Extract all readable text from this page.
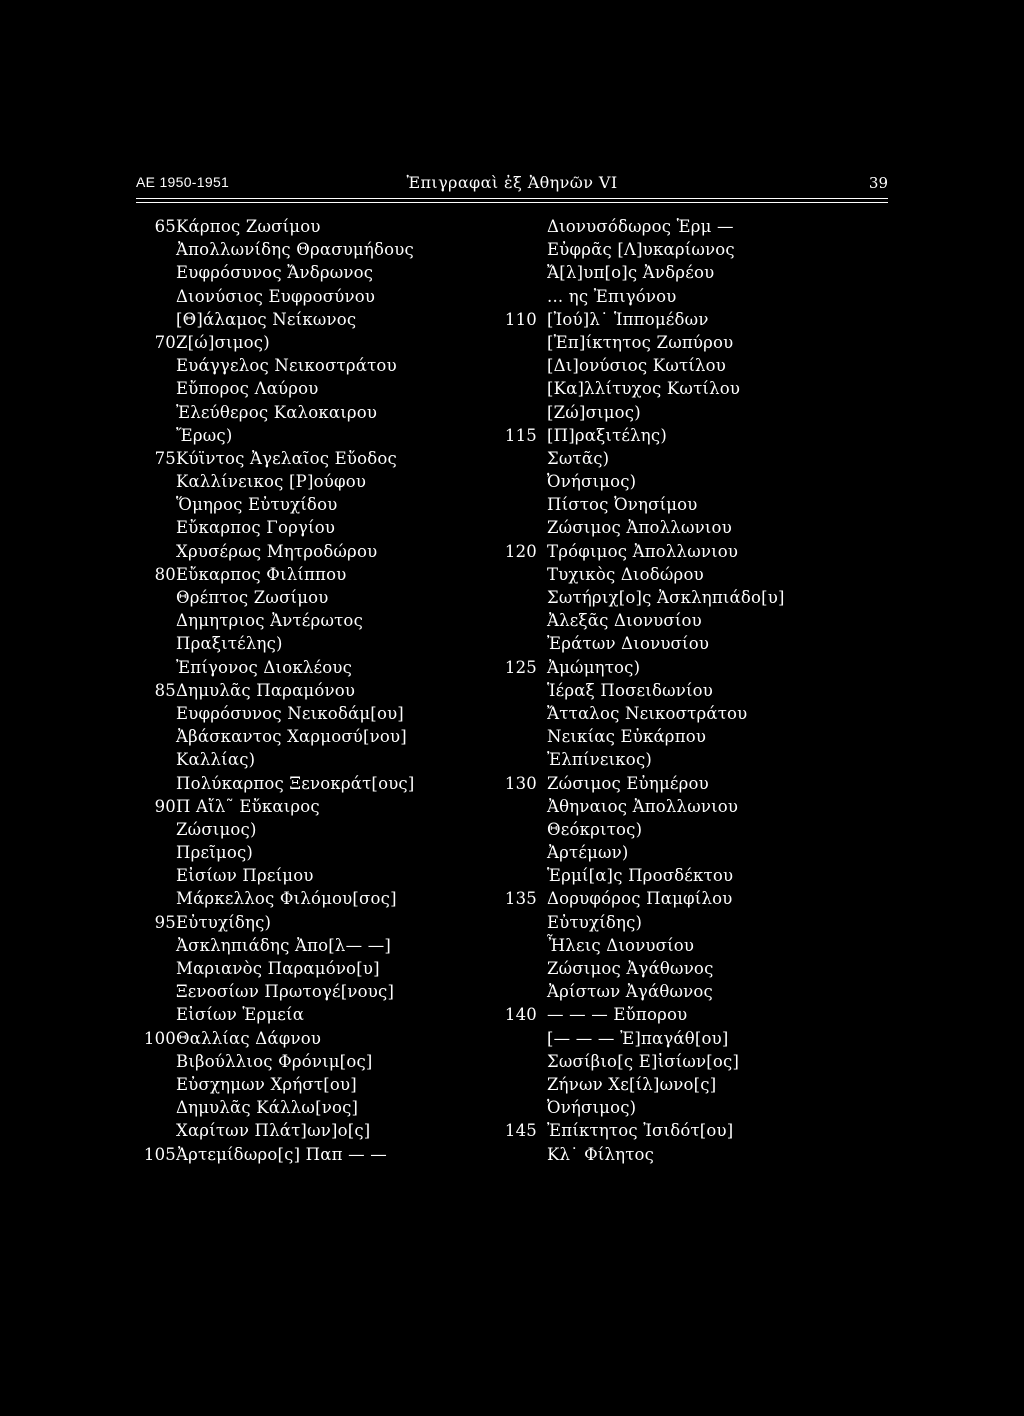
ΑΕ 1950-1951	Ἐπιγραφαὶ ἐξ Ἀθηνῶν VI	39
65 Κάρπος Ζωσίμου
Ἀπολλωνίδης Θρασυμήδους
Ευφρόσυνος Ἄνδρωνος
Διονύσιος Ευφροσύνου
[Θ]άλαμος Νείκωνος
70 Ζ[ώ]σιμος)
Ευάγγελος Νεικοστράτου
Εὔπορος Λαύρου
Ἐλεύθερος Καλοκαιρου
Ἔρως)
75 Κύϊντος Ἀγελαῖος Εὔοδος
Καλλίνεικος [Ρ]ούφου
Ὅμηρος Εὐτυχίδου
Εὔκαρπος Γοργίου
Χρυσέρως Μητροδώρου
80 Εὔκαρπος Φιλίππου
Θρέπτος Ζωσίμου
Δημητριος Ἀντέρωτος
Πραξιτέλης)
Ἐπίγονος Διοκλέους
85 Δημυλᾶς Παραμόνου
Ευφρόσυνος Νεικοδάμ[ου]
Ἀβάσκαντος Χαρμοσύ[νου]
Καλλίας)
Πολύκαρπος Ξενοκράτ[ους]
90 Π Αἴλ˜ Εὔκαιρος
Ζώσιμος)
Πρεῖμος)
Εἰσίων Πρείμου
Μάρκελλος Φιλόμου[σος]
95 Εὐτυχίδης)
Ἀσκληπιάδης Ἀπο[λ— —]
Μαριανὸς Παραμόνο[υ]
Ξενοσίων Πρωτογέ[νους]
Εἰσίων Ἑρμεία
100 Θαλλίας Δάφνου
Βιβούλλιος Φρόνιμ[ος]
Εὐσχημων Χρήστ[ου]
Δημυλᾶς Κάλλω[νος]
Χαρίτων Πλάτ]ων]ο[ς]
105 Ἀρτεμίδωρο[ς] Παπ — —
Διονυσόδωρος Ἑρμ —
Εὐφρᾶς [Λ]υκαρίωνος
Ἄ[λ]υπ[ο]ς Ἀνδρέου
... ης Ἐπιγόνου
110 [Ἰού]λ˙ Ἱππομέδων
[Ἐπ]ίκτητος Ζωπύρου
[Δι]ονύσιος Κωτίλου
[Κα]λλίτυχος Κωτίλου
[Ζώ]σιμος)
115 [Π]ραξιτέλης)
Σωτᾶς)
Ὀνήσιμος)
Πίστος Ὀνησίμου
Ζώσιμος Ἀπολλωνιου
120 Τρόφιμος Ἀπολλωνιου
Τυχικὸς Διοδώρου
Σωτήριχ[ο]ς Ἀσκληπιάδο[υ]
Ἀλεξᾶς Διονυσίου
Ἐράτων Διονυσίου
125 Ἀμώμητος)
Ἱέραξ Ποσειδωνίου
Ἄτταλος Νεικοστράτου
Νεικίας Εὐκάρπου
Ἐλπίνεικος)
130 Ζώσιμος Εὐημέρου
Ἀθηναιος Ἀπολλωνιου
Θεόκριτος)
Ἀρτέμων)
Ἑρμί[α]ς Προσδέκτου
135 Δορυφόρος Παμφίλου
Εὐτυχίδης)
Ἦλεις Διονυσίου
Ζώσιμος Ἀγάθωνος
Ἀρίστων Ἀγάθωνος
140 — — — Εὔπορου
[— — — Ἐ]παγάθ[ου]
Σωσίβιο[ς Ε]ἰσίων[ος]
Ζήνων Χε[ίλ]ωνο[ς]
Ὀνήσιμος)
145 Ἐπίκτητος Ἰσιδότ[ου]
Κλ˙ Φίλητος
